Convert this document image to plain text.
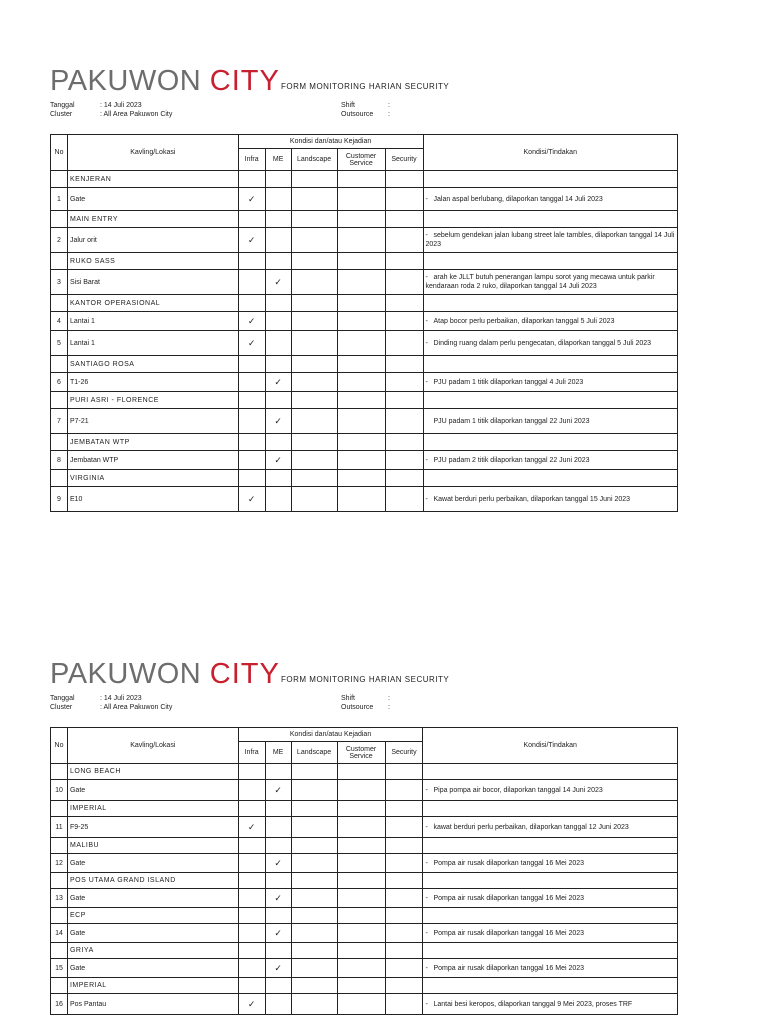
PAKUWON CITY FORM MONITORING HARIAN SECURITY
Tanggal	: 14 Juli 2023
Cluster	: All Area Pakuwon City
Shift	:
Outsource :
No	Kavling/Lokasi	Kondisi dan/atau Kejadian					Kondisi/Tindakan
		Infra	ME	Landscape	Customer Service	Security	
	KENJERAN						
1	Gate	✓					- Jalan aspal berlubang, dilaporkan tanggal 14 Juli 2023
	MAIN ENTRY						
2	Jalur orit	✓					- sebelum gendekan jalan lubang street lale tambles, dilaporkan tanggal 14 Juli 2023
	RUKO SASS						
3	Sisi Barat		✓				- arah ke JLLT butuh penerangan lampu sorot yang mecawa untuk parkir kendaraan roda 2 ruko, dilaporkan tanggal 14 Juli 2023
	KANTOR OPERASIONAL						
4	Lantai 1	✓					- Atap bocor perlu perbaikan, dilaporkan tanggal 5 Juli 2023
5	Lantai 1	✓					- Dinding ruang dalam perlu pengecatan, dilaporkan tanggal 5 Juli 2023
	SANTIAGO ROSA						
6	T1-26		✓				- PJU padam 1 titik dilaporkan tanggal 4 Juli 2023
	PURI ASRI - FLORENCE						
7	P7-21		✓				PJU padam 1 titik dilaporkan tanggal 22 Juni 2023
	JEMBATAN WTP						
8	Jembatan WTP		✓				- PJU padam 2 titik dilaporkan tanggal 22 Juni 2023
	VIRGINIA						
9	E10	✓					- Kawat berduri perlu perbaikan, dilaporkan tanggal 15 Juni 2023
PAKUWON CITY FORM MONITORING HARIAN SECURITY
Tanggal	: 14 Juli 2023
Cluster	: All Area Pakuwon City
Shift	:
Outsource :
No	Kavling/Lokasi	Kondisi dan/atau Kejadian					Kondisi/Tindakan
		Infra	ME	Landscape	Customer Service	Security	
	LONG BEACH						
10	Gate		✓				- Pipa pompa air bocor, dilaporkan tanggal 14 Juni 2023
	IMPERIAL						
11	F9-25	✓					- kawat berduri perlu perbaikan, dilaporkan tanggal 12 Juni 2023
	MALIBU						
12	Gate		✓				- Pompa air rusak dilaporkan tanggal 16 Mei 2023
	POS UTAMA GRAND ISLAND						
13	Gate		✓				- Pompa air rusak dilaporkan tanggal 16 Mei 2023
	ECP						
14	Gate		✓				- Pompa air rusak dilaporkan tanggal 16 Mei 2023
	GRIYA						
15	Gate		✓				- Pompa air rusak dilaporkan tanggal 16 Mei 2023
	IMPERIAL						
16	Pos Pantau	✓					- Lantai besi keropos, dilaporkan tanggal 9 Mei 2023, proses TRF
